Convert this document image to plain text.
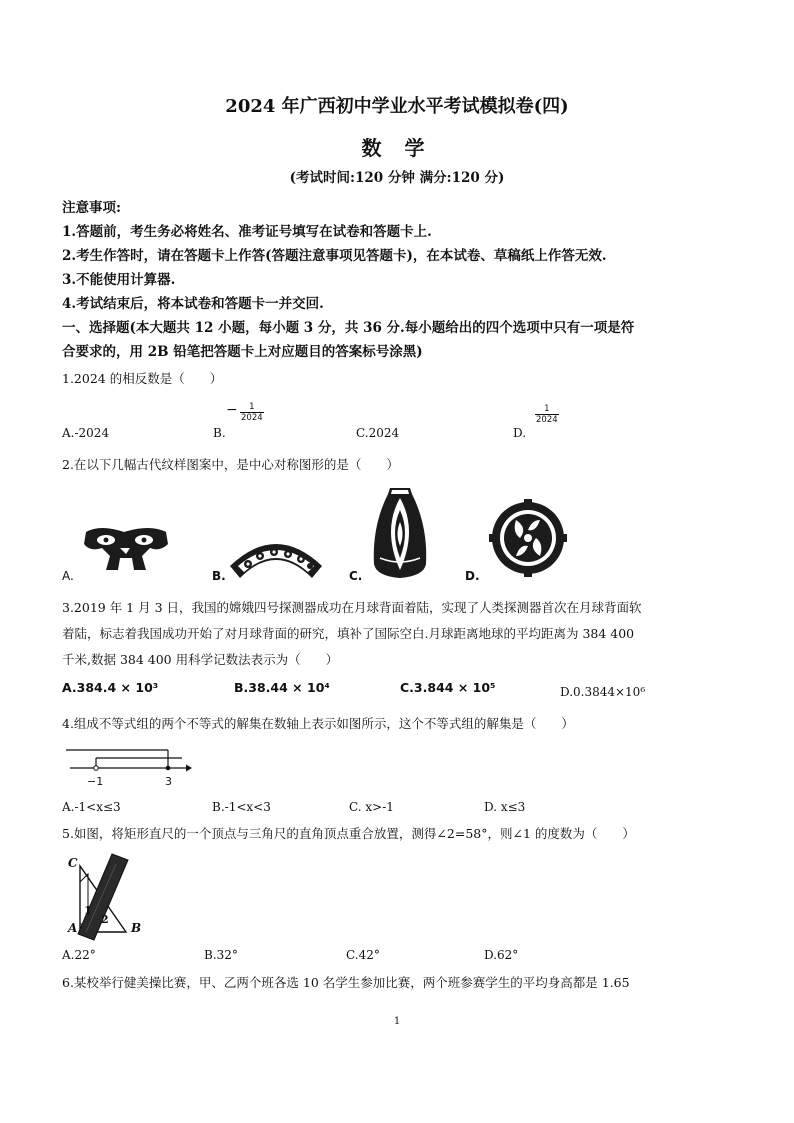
2024 年广西初中学业水平考试模拟卷(四)
数 学
(考试时间:120 分钟 满分:120 分)
注意事项:
1.答题前，考生务必将姓名、准考证号填写在试卷和答题卡上.
2.考生作答时，请在答题卡上作答(答题注意事项见答题卡)，在本试卷、草稿纸上作答无效.
3.不能使用计算器.
4.考试结束后，将本试卷和答题卡一并交回.
一、选择题(本大题共 12 小题，每小题 3 分，共 36 分.每小题给出的四个选项中只有一项是符
合要求的，用 2B 铅笔把答题卡上对应题目的答案标号涂黑)
1.2024 的相反数是（　　）
A.-2024	B.
− $\frac{1}{2024}$
C.2024	D.
$\frac{1}{2024}$
2.在以下几幅古代纹样图案中，是中心对称图形的是（　　）
A.	B.	C.	D.
3.2019 年 1 月 3 日，我国的嫦娥四号探测器成功在月球背面着陆，实现了人类探测器首次在月球背面软
着陆，标志着我国成功开始了对月球背面的研究，填补了国际空白.月球距离地球的平均距离为 384 400
千米,数据 384 400 用科学记数法表示为（　　）
A.384.4 × 10³	B.38.44 × 10⁴	C.3.844 × 10⁵	D.0.3844×10⁶
4.组成不等式组的两个不等式的解集在数轴上表示如图所示，这个不等式组的解集是（　　）
−1	3
A.-1<x≤3	B.-1<x<3	C. x>-1	D. x≤3
5.如图，将矩形直尺的一个顶点与三角尺的直角顶点重合放置，测得∠2=58°，则∠1 的度数为（　　）
C
A	B
1
2
A.22°	B.32°	C.42°	D.62°
6.某校举行健美操比赛，甲、乙两个班各选 10 名学生参加比赛，两个班参赛学生的平均身高都是 1.65
1
